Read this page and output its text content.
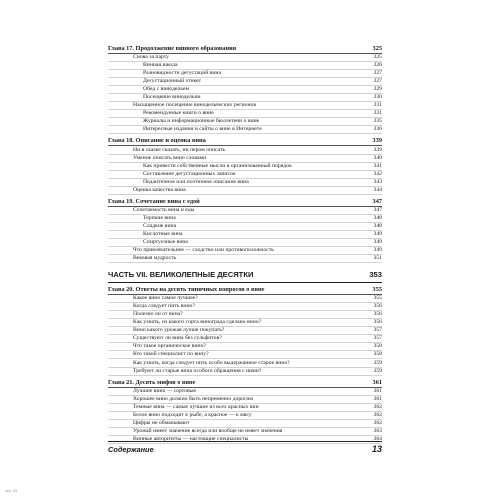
Глава 17. Продолжение винного образования	325
Снова за парту	325
Винная школа	326
Разновидности дегустаций вина	327
Дегустационный этикет	327
Обед с винодельем	329
Посещение винодельни	330
Насыщенное посещение винодельческих регионов	331
Рекомендуемые книги о вине	331
Журналы и информационные бюллетени о вине	335
Интересные издания и сайты о вине в Интернете	336
Глава 18. Описание и оценка вина	339
Ни в сказке сказать, ни пером описать	339
Умение описать вино словами	340
Как привести собственные мысли в организованный порядок	341
Составление дегустационных записок	342
Педантичное или поэтичное описание вина	343
Оценка качества вина	344
Глава 19. Сочетание вина с едой	347
Сочетаемость вина и еды	347
Терпкие вина	348
Сладкие вина	348
Кислотные вина	349
Спиртуозные вина	349
Что привлекательнее — сходство или противоположность	349
Вековая мудрость	351
ЧАСТЬ VII. ВЕЛИКОЛЕПНЫЕ ДЕСЯТКИ	353
Глава 20. Ответы на десять типичных вопросов о вине	355
Какое вино самое лучшее?	355
Когда следует пить вино?	356
Полезно ли от вина?	356
Как узнать, из какого сорта винограда сделано вино?	356
Вино какого урожая лучше покупать?	357
Существуют ли вина без сульфитов?	357
Что такое органическое вино?	358
Кто такой специалист по вину?	358
Как узнать, когда следует пить особо выдержанное старое вино?	359
Требуют ли старые вина особого обращения с ними?	359
Глава 21. Десять мифов о вине	361
Лучшие вина — сортовые	361
Хорошее вино должно быть непременно дорогим	361
Темные вина — самые лучшие из всех красных вин	362
Белое вино подходит к рыбе, а красное — к мясу	362
Цифры не обманывают	362
Урожай имеет значение всегда или вообще не имеет значения	363
Винные авторитеты — настоящие специалисты	364
Содержание	13
стр. 13
